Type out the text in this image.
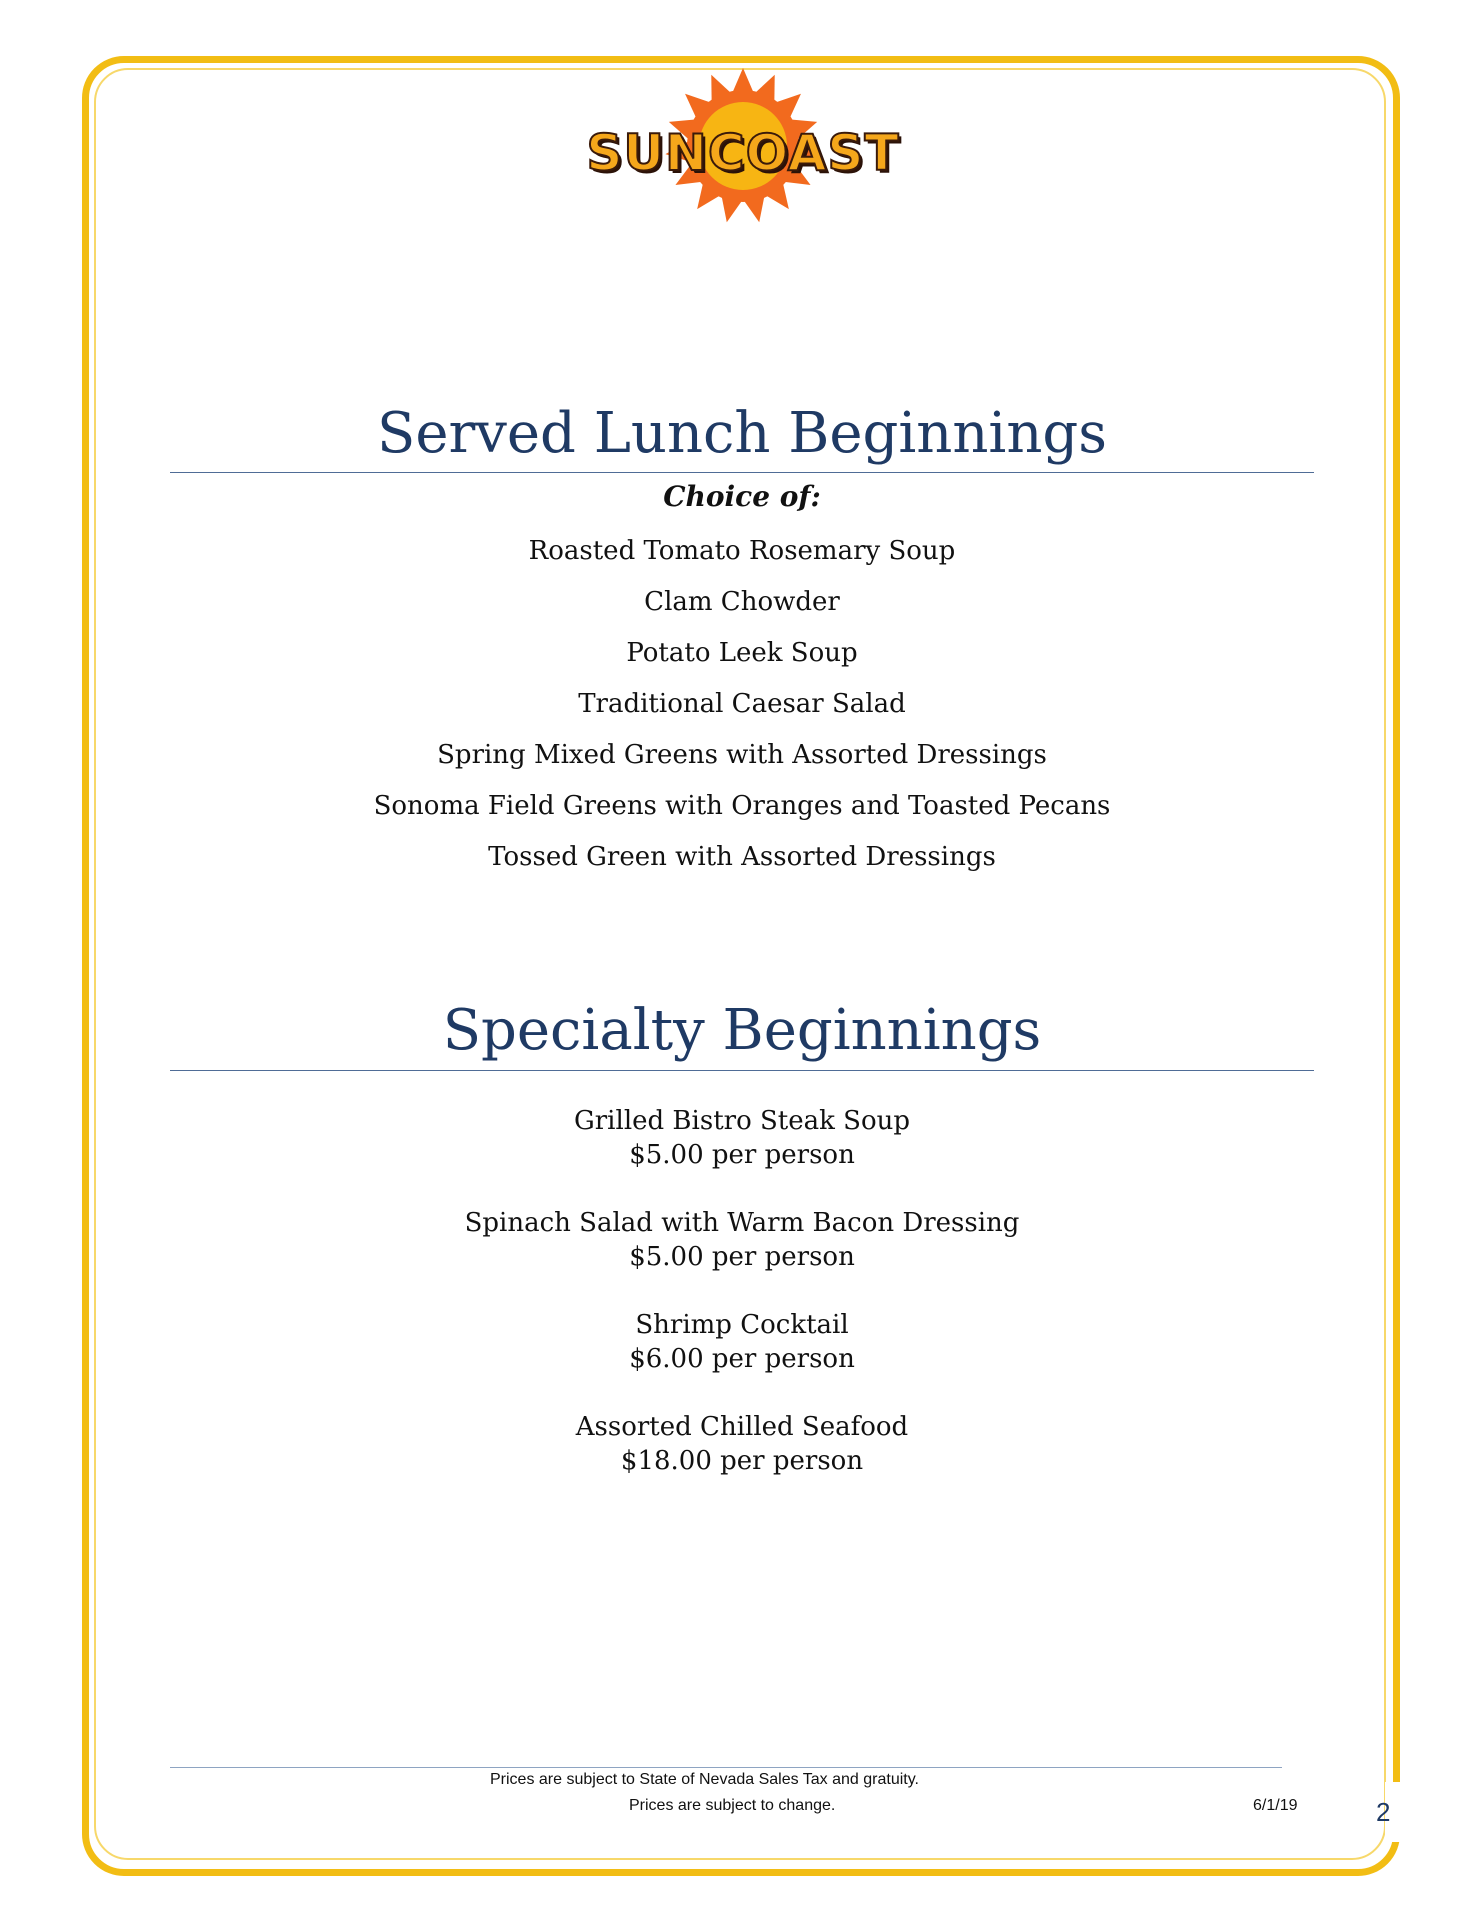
SUNCOAST
Served Lunch Beginnings
Choice of:
Roasted Tomato Rosemary Soup
Clam Chowder
Potato Leek Soup
Traditional Caesar Salad
Spring Mixed Greens with Assorted Dressings
Sonoma Field Greens with Oranges and Toasted Pecans
Tossed Green with Assorted Dressings
Specialty Beginnings
Grilled Bistro Steak Soup
$5.00 per person
Spinach Salad with Warm Bacon Dressing
$5.00 per person
Shrimp Cocktail
$6.00 per person
Assorted Chilled Seafood
$18.00 per person
Prices are subject to State of Nevada Sales Tax and gratuity.
Prices are subject to change.	6/1/19	2
